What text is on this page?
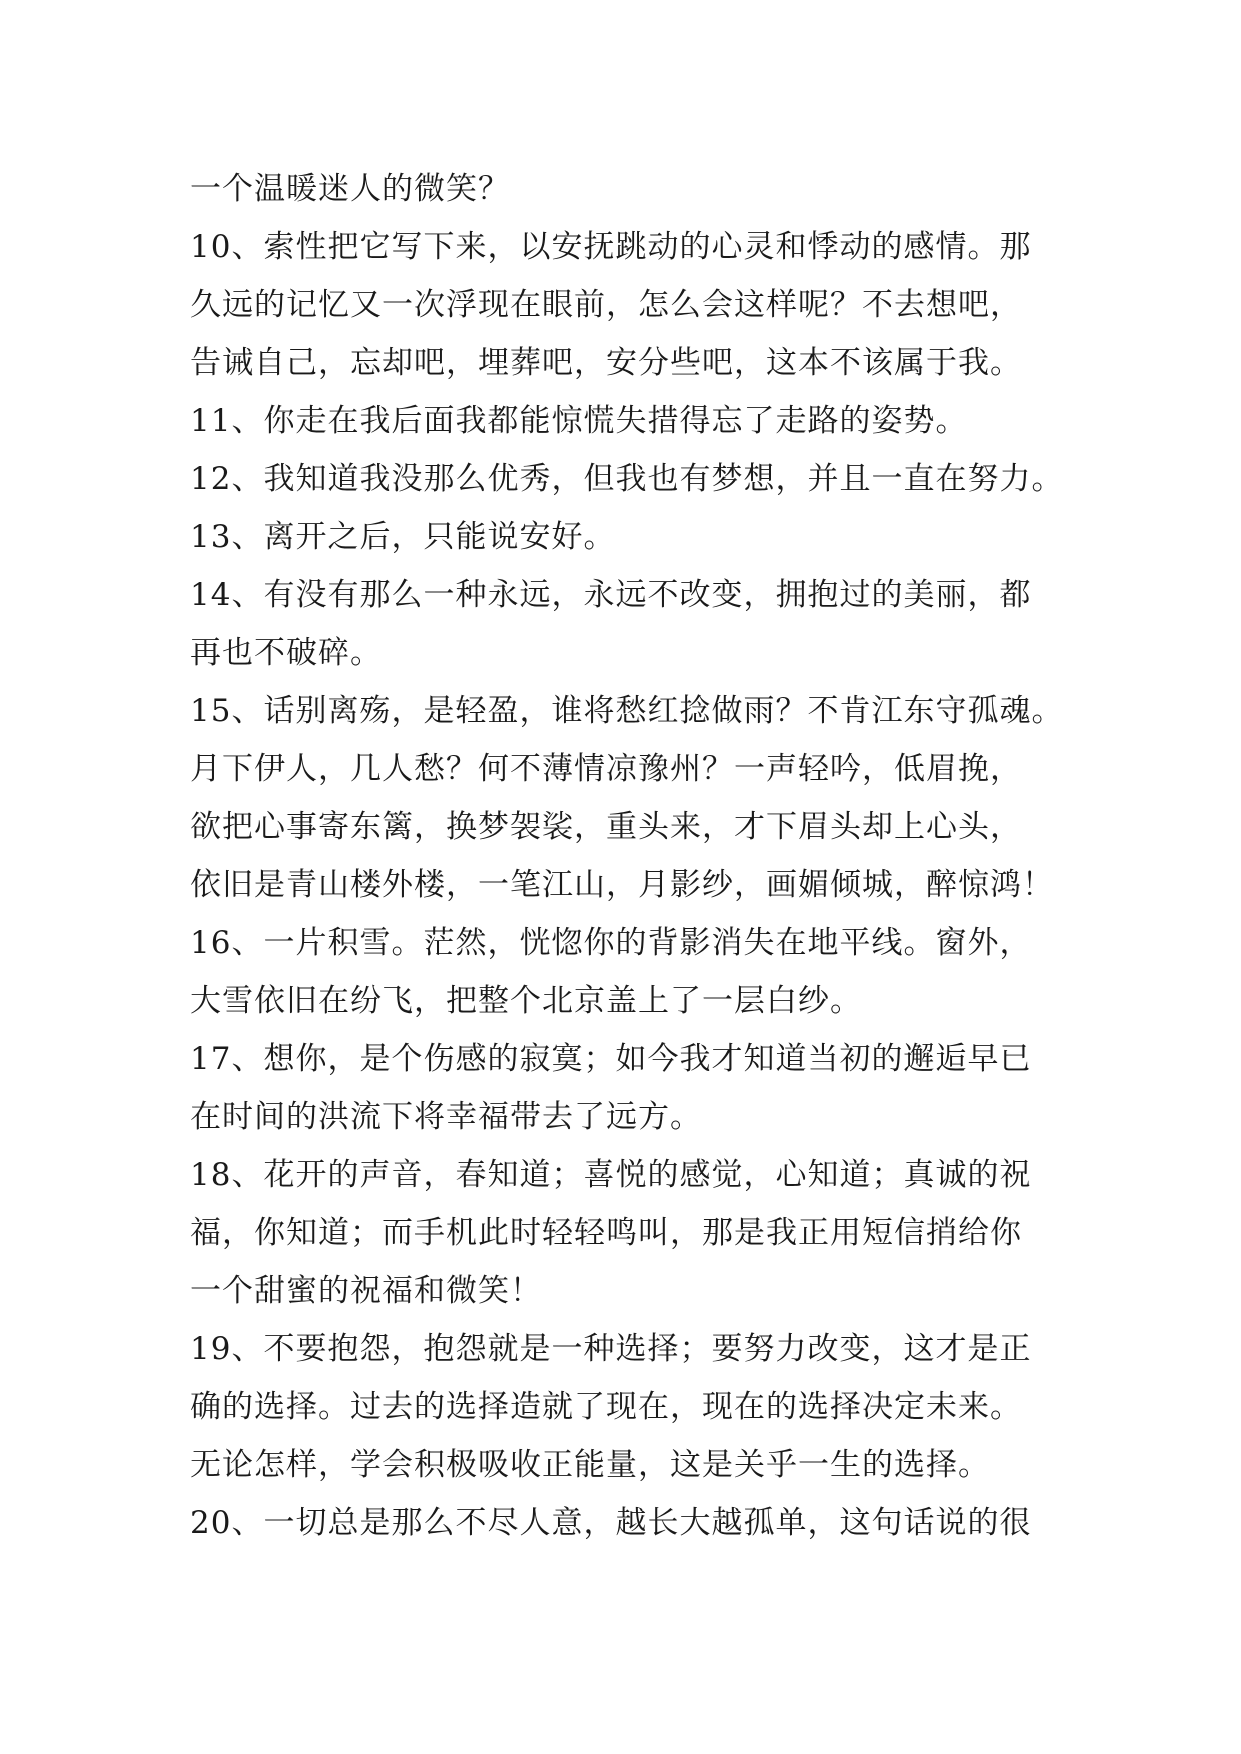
一个温暖迷人的微笑？
10、索性把它写下来，以安抚跳动的心灵和悸动的感情。那
久远的记忆又一次浮现在眼前，怎么会这样呢？不去想吧，
告诫自己，忘却吧，埋葬吧，安分些吧，这本不该属于我。
11、你走在我后面我都能惊慌失措得忘了走路的姿势。
12、我知道我没那么优秀，但我也有梦想，并且一直在努力。
13、离开之后，只能说安好。
14、有没有那么一种永远，永远不改变，拥抱过的美丽，都
再也不破碎。
15、话别离殇，是轻盈，谁将愁红捻做雨？不肯江东守孤魂。
月下伊人，几人愁？何不薄情凉豫州？一声轻吟，低眉挽，
欲把心事寄东篱，换梦袈裟，重头来，才下眉头却上心头，
依旧是青山楼外楼，一笔江山，月影纱，画媚倾城，醉惊鸿！
16、一片积雪。茫然，恍惚你的背影消失在地平线。窗外，
大雪依旧在纷飞，把整个北京盖上了一层白纱。
17、想你，是个伤感的寂寞；如今我才知道当初的邂逅早已
在时间的洪流下将幸福带去了远方。
18、花开的声音，春知道；喜悦的感觉，心知道；真诚的祝
福，你知道；而手机此时轻轻鸣叫，那是我正用短信捎给你
一个甜蜜的祝福和微笑！
19、不要抱怨，抱怨就是一种选择；要努力改变，这才是正
确的选择。过去的选择造就了现在，现在的选择决定未来。
无论怎样，学会积极吸收正能量，这是关乎一生的选择。
20、一切总是那么不尽人意，越长大越孤单，这句话说的很
